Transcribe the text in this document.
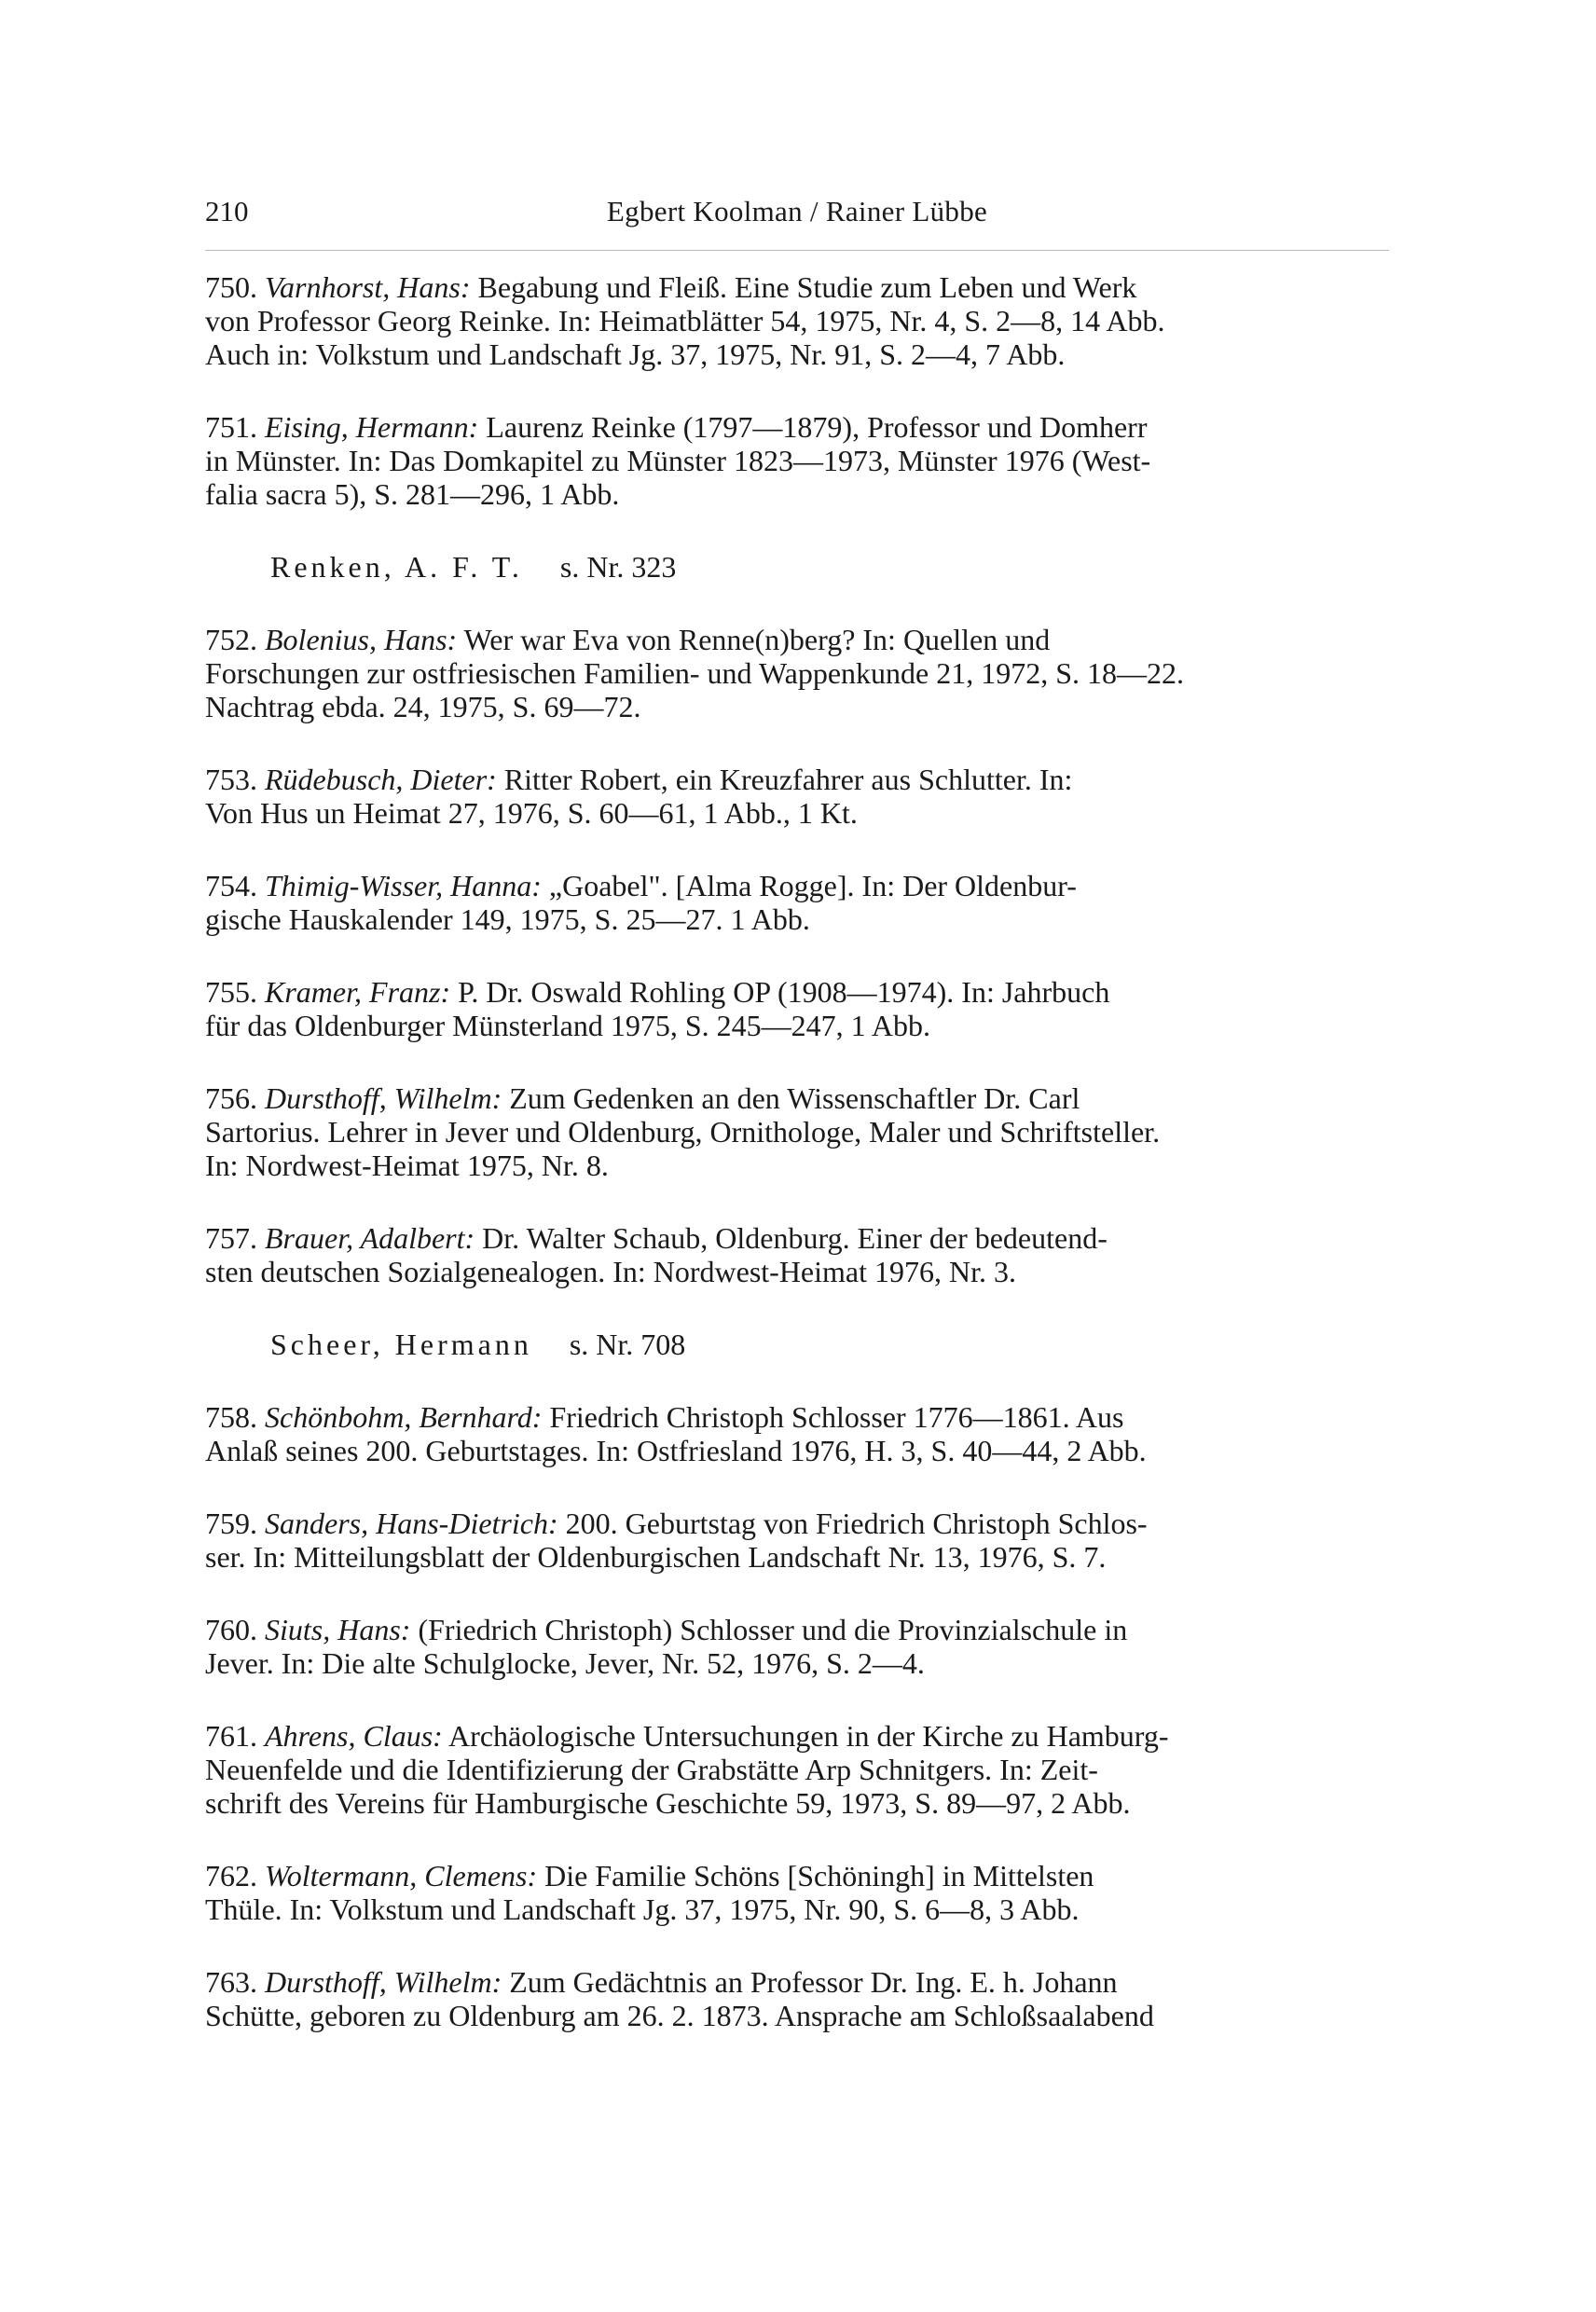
210	Egbert Koolman / Rainer Lübbe
750. Varnhorst, Hans: Begabung und Fleiß. Eine Studie zum Leben und Werk
von Professor Georg Reinke. In: Heimatblätter 54, 1975, Nr. 4, S. 2—8, 14 Abb.
Auch in: Volkstum und Landschaft Jg. 37, 1975, Nr. 91, S. 2—4, 7 Abb.
751. Eising, Hermann: Laurenz Reinke (1797—1879), Professor und Domherr
in Münster. In: Das Domkapitel zu Münster 1823—1973, Münster 1976 (West-
falia sacra 5), S. 281—296, 1 Abb.
Renken, A. F. T. s. Nr. 323
752. Bolenius, Hans: Wer war Eva von Renne(n)berg? In: Quellen und
Forschungen zur ostfriesischen Familien- und Wappenkunde 21, 1972, S. 18—22.
Nachtrag ebda. 24, 1975, S. 69—72.
753. Rüdebusch, Dieter: Ritter Robert, ein Kreuzfahrer aus Schlutter. In:
Von Hus un Heimat 27, 1976, S. 60—61, 1 Abb., 1 Kt.
754. Thimig-Wisser, Hanna: „Goabel". [Alma Rogge]. In: Der Oldenbur-
gische Hauskalender 149, 1975, S. 25—27. 1 Abb.
755. Kramer, Franz: P. Dr. Oswald Rohling OP (1908—1974). In: Jahrbuch
für das Oldenburger Münsterland 1975, S. 245—247, 1 Abb.
756. Dursthoff, Wilhelm: Zum Gedenken an den Wissenschaftler Dr. Carl
Sartorius. Lehrer in Jever und Oldenburg, Ornithologe, Maler und Schriftsteller.
In: Nordwest-Heimat 1975, Nr. 8.
757. Brauer, Adalbert: Dr. Walter Schaub, Oldenburg. Einer der bedeutend-
sten deutschen Sozialgenealogen. In: Nordwest-Heimat 1976, Nr. 3.
Scheer, Hermann s. Nr. 708
758. Schönbohm, Bernhard: Friedrich Christoph Schlosser 1776—1861. Aus
Anlaß seines 200. Geburtstages. In: Ostfriesland 1976, H. 3, S. 40—44, 2 Abb.
759. Sanders, Hans-Dietrich: 200. Geburtstag von Friedrich Christoph Schlos-
ser. In: Mitteilungsblatt der Oldenburgischen Landschaft Nr. 13, 1976, S. 7.
760. Siuts, Hans: (Friedrich Christoph) Schlosser und die Provinzialschule in
Jever. In: Die alte Schulglocke, Jever, Nr. 52, 1976, S. 2—4.
761. Ahrens, Claus: Archäologische Untersuchungen in der Kirche zu Hamburg-
Neuenfelde und die Identifizierung der Grabstätte Arp Schnitgers. In: Zeit-
schrift des Vereins für Hamburgische Geschichte 59, 1973, S. 89—97, 2 Abb.
762. Woltermann, Clemens: Die Familie Schöns [Schöningh] in Mittelsten
Thüle. In: Volkstum und Landschaft Jg. 37, 1975, Nr. 90, S. 6—8, 3 Abb.
763. Dursthoff, Wilhelm: Zum Gedächtnis an Professor Dr. Ing. E. h. Johann
Schütte, geboren zu Oldenburg am 26. 2. 1873. Ansprache am Schloßsaalabend
